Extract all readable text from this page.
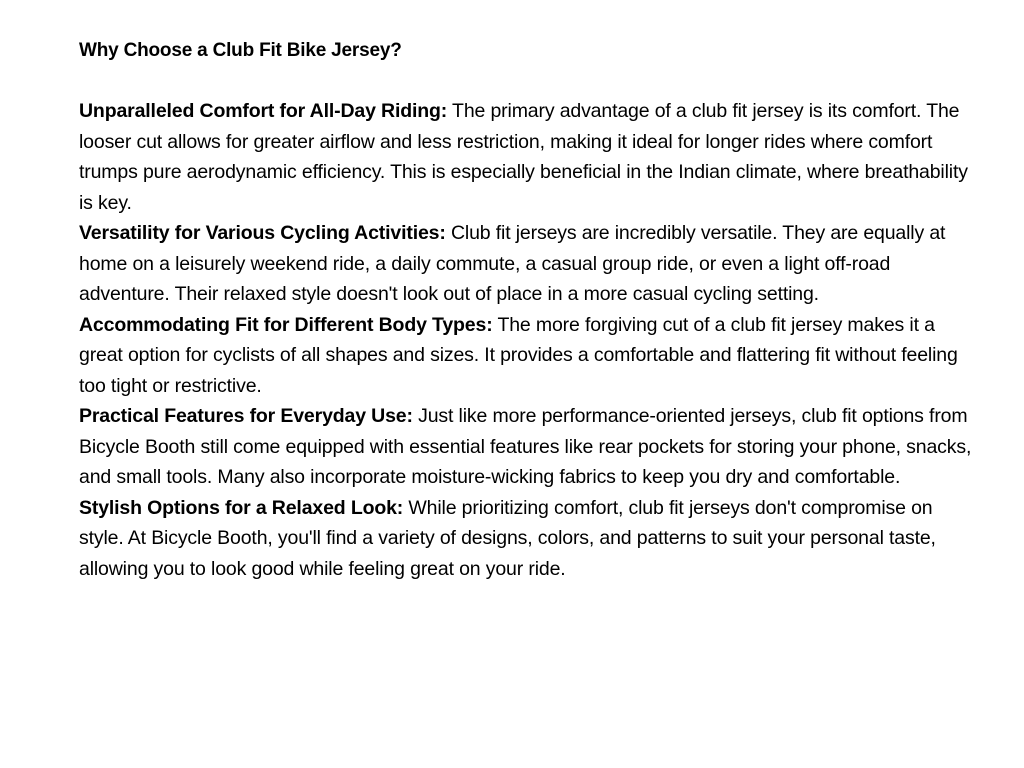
Why Choose a Club Fit Bike Jersey?

Unparalleled Comfort for All-Day Riding: The primary advantage of a club fit jersey is its comfort. The looser cut allows for greater airflow and less restriction, making it ideal for longer rides where comfort trumps pure aerodynamic efficiency. This is especially beneficial in the Indian climate, where breathability is key.

Versatility for Various Cycling Activities: Club fit jerseys are incredibly versatile. They are equally at home on a leisurely weekend ride, a daily commute, a casual group ride, or even a light off-road adventure. Their relaxed style doesn't look out of place in a more casual cycling setting.

Accommodating Fit for Different Body Types: The more forgiving cut of a club fit jersey makes it a great option for cyclists of all shapes and sizes. It provides a comfortable and flattering fit without feeling too tight or restrictive.

Practical Features for Everyday Use: Just like more performance-oriented jerseys, club fit options from Bicycle Booth still come equipped with essential features like rear pockets for storing your phone, snacks, and small tools. Many also incorporate moisture-wicking fabrics to keep you dry and comfortable.

Stylish Options for a Relaxed Look: While prioritizing comfort, club fit jerseys don't compromise on style. At Bicycle Booth, you'll find a variety of designs, colors, and patterns to suit your personal taste, allowing you to look good while feeling great on your ride.
